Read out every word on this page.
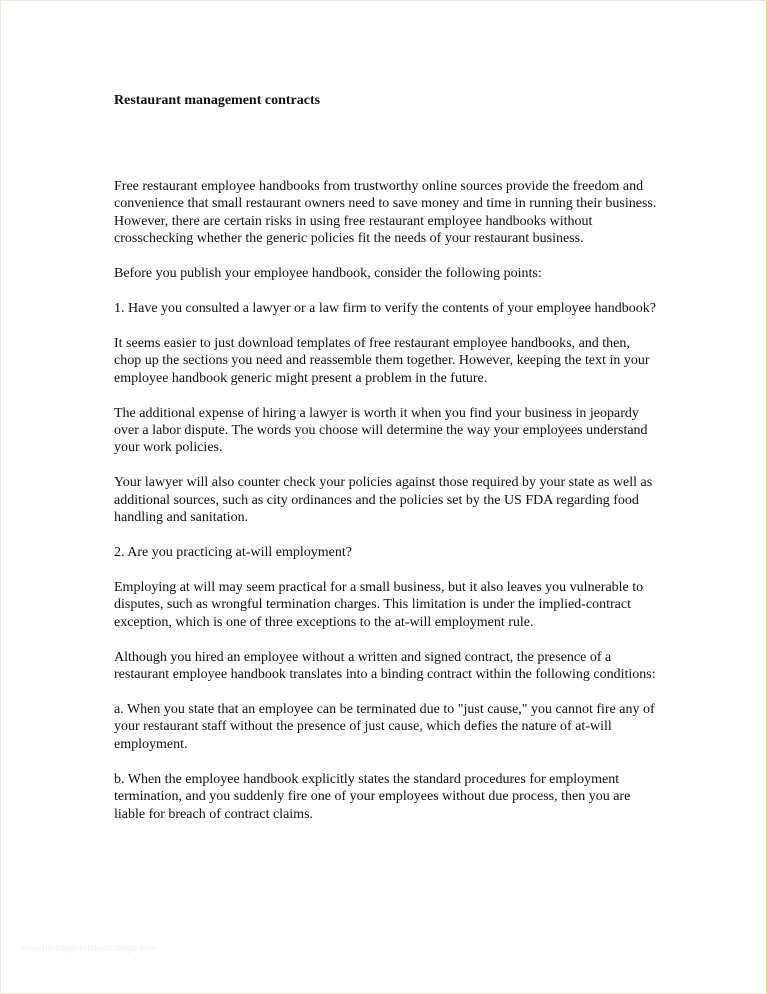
Restaurant management contracts

Free restaurant employee handbooks from trustworthy online sources provide the freedom and convenience that small restaurant owners need to save money and time in running their business. However, there are certain risks in using free restaurant employee handbooks without crosschecking whether the generic policies fit the needs of your restaurant business.

Before you publish your employee handbook, consider the following points:

1. Have you consulted a lawyer or a law firm to verify the contents of your employee handbook?

It seems easier to just download templates of free restaurant employee handbooks, and then, chop up the sections you need and reassemble them together. However, keeping the text in your employee handbook generic might present a problem in the future.

The additional expense of hiring a lawyer is worth it when you find your business in jeopardy over a labor dispute. The words you choose will determine the way your employees understand your work policies.

Your lawyer will also counter check your policies against those required by your state as well as additional sources, such as city ordinances and the policies set by the US FDA regarding food handling and sanitation.

2. Are you practicing at-will employment?

Employing at will may seem practical for a small business, but it also leaves you vulnerable to disputes, such as wrongful termination charges. This limitation is under the implied-contract exception, which is one of three exceptions to the at-will employment rule.

Although you hired an employee without a written and signed contract, the presence of a restaurant employee handbook translates into a binding contract within the following conditions:

a. When you state that an employee can be terminated due to "just cause," you cannot fire any of your restaurant staff without the presence of just cause, which defies the nature of at-will employment.

b. When the employee handbook explicitly states the standard procedures for employment termination, and you suddenly fire one of your employees without due process, then you are liable for breach of contract claims.

www.heritagechristiancollege.com
